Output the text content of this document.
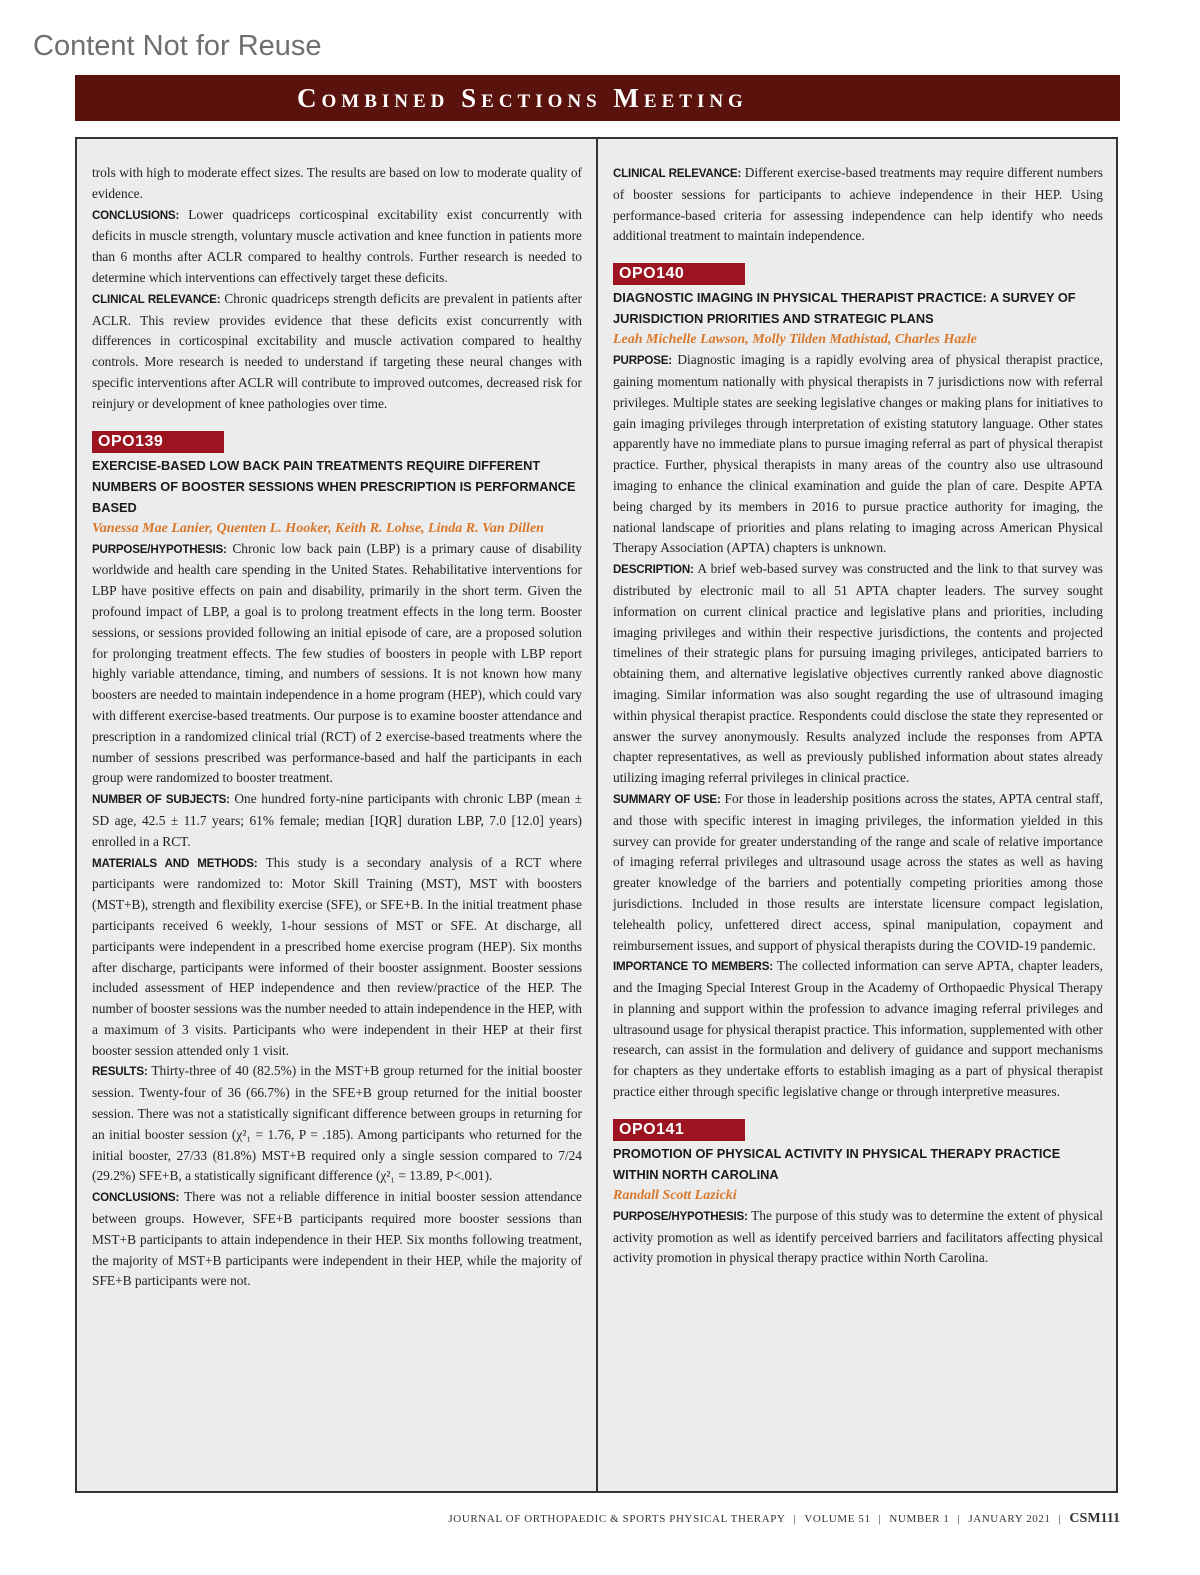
Content Not for Reuse
Combined Sections Meeting

trols with high to moderate effect sizes. The results are based on low to moderate quality of evidence.

CONCLUSIONS: Lower quadriceps corticospinal excitability exist concurrently with deficits in muscle strength, voluntary muscle activation and knee function in patients more than 6 months after ACLR compared to healthy controls. Further research is needed to determine which interventions can effectively target these deficits.

CLINICAL RELEVANCE: Chronic quadriceps strength deficits are prevalent in patients after ACLR. This review provides evidence that these deficits exist concurrently with differences in corticospinal excitability and muscle activation compared to healthy controls. More research is needed to understand if targeting these neural changes with specific interventions after ACLR will contribute to improved outcomes, decreased risk for reinjury or development of knee pathologies over time.

OPO139
EXERCISE-BASED LOW BACK PAIN TREATMENTS REQUIRE DIFFERENT NUMBERS OF BOOSTER SESSIONS WHEN PRESCRIPTION IS PERFORMANCE BASED
Vanessa Mae Lanier, Quenten L. Hooker, Keith R. Lohse, Linda R. Van Dillen

PURPOSE/HYPOTHESIS: Chronic low back pain (LBP) is a primary cause of disability worldwide and health care spending in the United States. Rehabilitative interventions for LBP have positive effects on pain and disability, primarily in the short term. Given the profound impact of LBP, a goal is to prolong treatment effects in the long term. Booster sessions, or sessions provided following an initial episode of care, are a proposed solution for prolonging treatment effects. The few studies of boosters in people with LBP report highly variable attendance, timing, and numbers of sessions. It is not known how many boosters are needed to maintain independence in a home program (HEP), which could vary with different exercise-based treatments. Our purpose is to examine booster attendance and prescription in a randomized clinical trial (RCT) of 2 exercise-based treatments where the number of sessions prescribed was performance-based and half the participants in each group were randomized to booster treatment.

NUMBER OF SUBJECTS: One hundred forty-nine participants with chronic LBP (mean ± SD age, 42.5 ± 11.7 years; 61% female; median [IQR] duration LBP, 7.0 [12.0] years) enrolled in a RCT.

MATERIALS AND METHODS: This study is a secondary analysis of a RCT where participants were randomized to: Motor Skill Training (MST), MST with boosters (MST+B), strength and flexibility exercise (SFE), or SFE+B. In the initial treatment phase participants received 6 weekly, 1-hour sessions of MST or SFE. At discharge, all participants were independent in a prescribed home exercise program (HEP). Six months after discharge, participants were informed of their booster assignment. Booster sessions included assessment of HEP independence and then review/practice of the HEP. The number of booster sessions was the number needed to attain independence in the HEP, with a maximum of 3 visits. Participants who were independent in their HEP at their first booster session attended only 1 visit.

RESULTS: Thirty-three of 40 (82.5%) in the MST+B group returned for the initial booster session. Twenty-four of 36 (66.7%) in the SFE+B group returned for the initial booster session. There was not a statistically significant difference between groups in returning for an initial booster session (χ²₁ = 1.76, P = .185). Among participants who returned for the initial booster, 27/33 (81.8%) MST+B required only a single session compared to 7/24 (29.2%) SFE+B, a statistically significant difference (χ²₁ = 13.89, P<.001).

CONCLUSIONS: There was not a reliable difference in initial booster session attendance between groups. However, SFE+B participants required more booster sessions than MST+B participants to attain independence in their HEP. Six months following treatment, the majority of MST+B participants were independent in their HEP, while the majority of SFE+B participants were not.

CLINICAL RELEVANCE: Different exercise-based treatments may require different numbers of booster sessions for participants to achieve independence in their HEP. Using performance-based criteria for assessing independence can help identify who needs additional treatment to maintain independence.

OPO140
DIAGNOSTIC IMAGING IN PHYSICAL THERAPIST PRACTICE: A SURVEY OF JURISDICTION PRIORITIES AND STRATEGIC PLANS
Leah Michelle Lawson, Molly Tilden Mathistad, Charles Hazle

PURPOSE: Diagnostic imaging is a rapidly evolving area of physical therapist practice, gaining momentum nationally with physical therapists in 7 jurisdictions now with referral privileges. Multiple states are seeking legislative changes or making plans for initiatives to gain imaging privileges through interpretation of existing statutory language. Other states apparently have no immediate plans to pursue imaging referral as part of physical therapist practice. Further, physical therapists in many areas of the country also use ultrasound imaging to enhance the clinical examination and guide the plan of care. Despite APTA being charged by its members in 2016 to pursue practice authority for imaging, the national landscape of priorities and plans relating to imaging across American Physical Therapy Association (APTA) chapters is unknown.

DESCRIPTION: A brief web-based survey was constructed and the link to that survey was distributed by electronic mail to all 51 APTA chapter leaders. The survey sought information on current clinical practice and legislative plans and priorities, including imaging privileges and within their respective jurisdictions, the contents and projected timelines of their strategic plans for pursuing imaging privileges, anticipated barriers to obtaining them, and alternative legislative objectives currently ranked above diagnostic imaging. Similar information was also sought regarding the use of ultrasound imaging within physical therapist practice. Respondents could disclose the state they represented or answer the survey anonymously. Results analyzed include the responses from APTA chapter representatives, as well as previously published information about states already utilizing imaging referral privileges in clinical practice.

SUMMARY OF USE: For those in leadership positions across the states, APTA central staff, and those with specific interest in imaging privileges, the information yielded in this survey can provide for greater understanding of the range and scale of relative importance of imaging referral privileges and ultrasound usage across the states as well as having greater knowledge of the barriers and potentially competing priorities among those jurisdictions. Included in those results are interstate licensure compact legislation, telehealth policy, unfettered direct access, spinal manipulation, copayment and reimbursement issues, and support of physical therapists during the COVID-19 pandemic.

IMPORTANCE TO MEMBERS: The collected information can serve APTA, chapter leaders, and the Imaging Special Interest Group in the Academy of Orthopaedic Physical Therapy in planning and support within the profession to advance imaging referral privileges and ultrasound usage for physical therapist practice. This information, supplemented with other research, can assist in the formulation and delivery of guidance and support mechanisms for chapters as they undertake efforts to establish imaging as a part of physical therapist practice either through specific legislative change or through interpretive measures.

OPO141
PROMOTION OF PHYSICAL ACTIVITY IN PHYSICAL THERAPY PRACTICE WITHIN NORTH CAROLINA
Randall Scott Lazicki

PURPOSE/HYPOTHESIS: The purpose of this study was to determine the extent of physical activity promotion as well as identify perceived barriers and facilitators affecting physical activity promotion in physical therapy practice within North Carolina.

JOURNAL OF ORTHOPAEDIC & SPORTS PHYSICAL THERAPY | VOLUME 51 | NUMBER 1 | JANUARY 2021 | CSM111
